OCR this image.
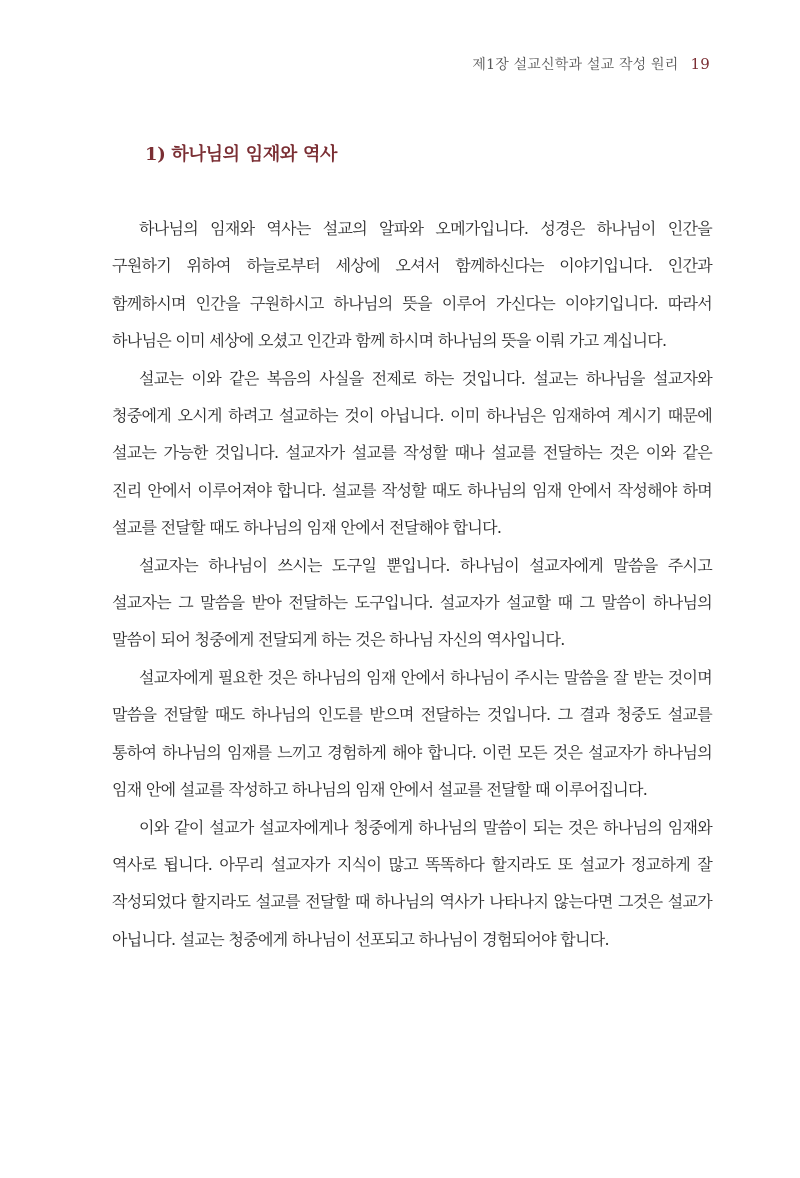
제1장 설교신학과 설교 작성 원리 19
1) 하나님의 임재와 역사

하나님의 임재와 역사는 설교의 알파와 오메가입니다. 성경은 하나님이 인간을 구원하기 위하여 하늘로부터 세상에 오셔서 함께하신다는 이야기입니다. 인간과 함께하시며 인간을 구원하시고 하나님의 뜻을 이루어 가신다는 이야기입니다. 따라서 하나님은 이미 세상에 오셨고 인간과 함께 하시며 하나님의 뜻을 이뤄 가고 계십니다.

설교는 이와 같은 복음의 사실을 전제로 하는 것입니다. 설교는 하나님을 설교자와 청중에게 오시게 하려고 설교하는 것이 아닙니다. 이미 하나님은 임재하여 계시기 때문에 설교는 가능한 것입니다. 설교자가 설교를 작성할 때나 설교를 전달하는 것은 이와 같은 진리 안에서 이루어져야 합니다. 설교를 작성할 때도 하나님의 임재 안에서 작성해야 하며 설교를 전달할 때도 하나님의 임재 안에서 전달해야 합니다.

설교자는 하나님이 쓰시는 도구일 뿐입니다. 하나님이 설교자에게 말씀을 주시고 설교자는 그 말씀을 받아 전달하는 도구입니다. 설교자가 설교할 때 그 말씀이 하나님의 말씀이 되어 청중에게 전달되게 하는 것은 하나님 자신의 역사입니다.

설교자에게 필요한 것은 하나님의 임재 안에서 하나님이 주시는 말씀을 잘 받는 것이며 말씀을 전달할 때도 하나님의 인도를 받으며 전달하는 것입니다. 그 결과 청중도 설교를 통하여 하나님의 임재를 느끼고 경험하게 해야 합니다. 이런 모든 것은 설교자가 하나님의 임재 안에 설교를 작성하고 하나님의 임재 안에서 설교를 전달할 때 이루어집니다.

이와 같이 설교가 설교자에게나 청중에게 하나님의 말씀이 되는 것은 하나님의 임재와 역사로 됩니다. 아무리 설교자가 지식이 많고 똑똑하다 할지라도 또 설교가 정교하게 잘 작성되었다 할지라도 설교를 전달할 때 하나님의 역사가 나타나지 않는다면 그것은 설교가 아닙니다. 설교는 청중에게 하나님이 선포되고 하나님이 경험되어야 합니다.
